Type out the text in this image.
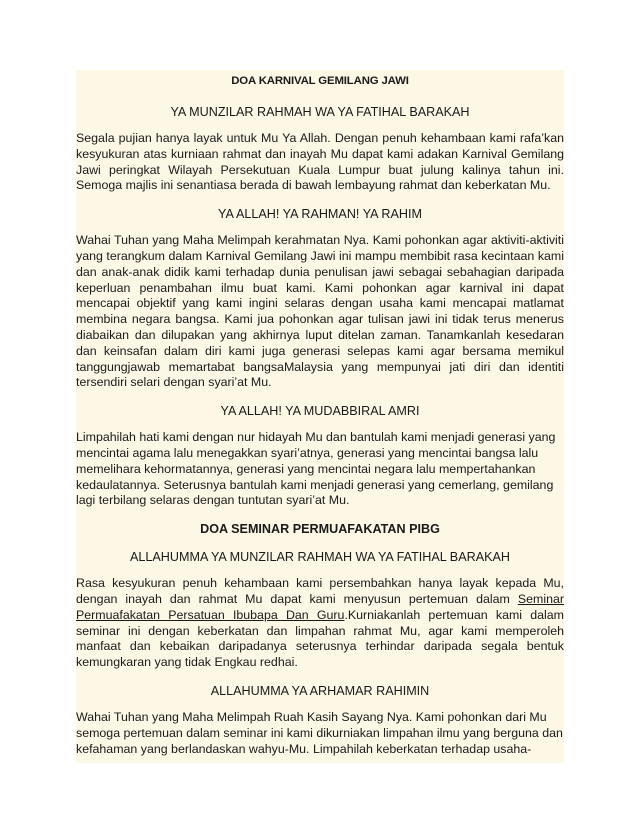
DOA KARNIVAL GEMILANG JAWI
YA MUNZILAR RAHMAH WA YA FATIHAL BARAKAH

Segala pujian hanya layak untuk Mu Ya Allah. Dengan penuh kehambaan kami rafa’kan kesyukuran atas kurniaan rahmat dan inayah Mu dapat kami adakan Karnival Gemilang Jawi peringkat Wilayah Persekutuan Kuala Lumpur buat julung kalinya tahun ini. Semoga majlis ini senantiasa berada di bawah lembayung rahmat dan keberkatan Mu.

YA ALLAH! YA RAHMAN! YA RAHIM

Wahai Tuhan yang Maha Melimpah kerahmatan Nya. Kami pohonkan agar aktiviti-aktiviti yang terangkum dalam Karnival Gemilang Jawi ini mampu membibit rasa kecintaan kami dan anak-anak didik kami terhadap dunia penulisan jawi sebagai sebahagian daripada keperluan penambahan ilmu buat kami. Kami pohonkan agar karnival ini dapat mencapai objektif yang kami ingini selaras dengan usaha kami mencapai matlamat membina negara bangsa. Kami jua pohonkan agar tulisan jawi ini tidak terus menerus diabaikan dan dilupakan yang akhirnya luput ditelan zaman. Tanamkanlah kesedaran dan keinsafan dalam diri kami juga generasi selepas kami agar bersama memikul tanggungjawab memartabat bangsaMalaysia yang mempunyai jati diri dan identiti tersendiri selari dengan syari’at Mu.

YA ALLAH! YA MUDABBIRAL AMRI

Limpahilah hati kami dengan nur hidayah Mu dan bantulah kami menjadi generasi yang mencintai agama lalu menegakkan syari’atnya, generasi yang mencintai bangsa lalu memelihara kehormatannya, generasi yang mencintai negara lalu mempertahankan kedaulatannya. Seterusnya bantulah kami menjadi generasi yang cemerlang, gemilang lagi terbilang selaras dengan tuntutan syari’at Mu.

DOA SEMINAR PERMUAFAKATAN PIBG
ALLAHUMMA YA MUNZILAR RAHMAH WA YA FATIHAL BARAKAH

Rasa kesyukuran penuh kehambaan kami persembahkan hanya layak kepada Mu, dengan inayah dan rahmat Mu dapat kami menyusun pertemuan dalam Seminar Permuafakatan Persatuan Ibubapa Dan Guru.Kurniakanlah pertemuan kami dalam seminar ini dengan keberkatan dan limpahan rahmat Mu, agar kami memperoleh manfaat dan kebaikan daripadanya seterusnya terhindar daripada segala bentuk kemungkaran yang tidak Engkau redhai.

ALLAHUMMA YA ARHAMAR RAHIMIN

Wahai Tuhan yang Maha Melimpah Ruah Kasih Sayang Nya. Kami pohonkan dari Mu semoga pertemuan dalam seminar ini kami dikurniakan limpahan ilmu yang berguna dan kefahaman yang berlandaskan wahyu-Mu. Limpahilah keberkatan terhadap usaha-
